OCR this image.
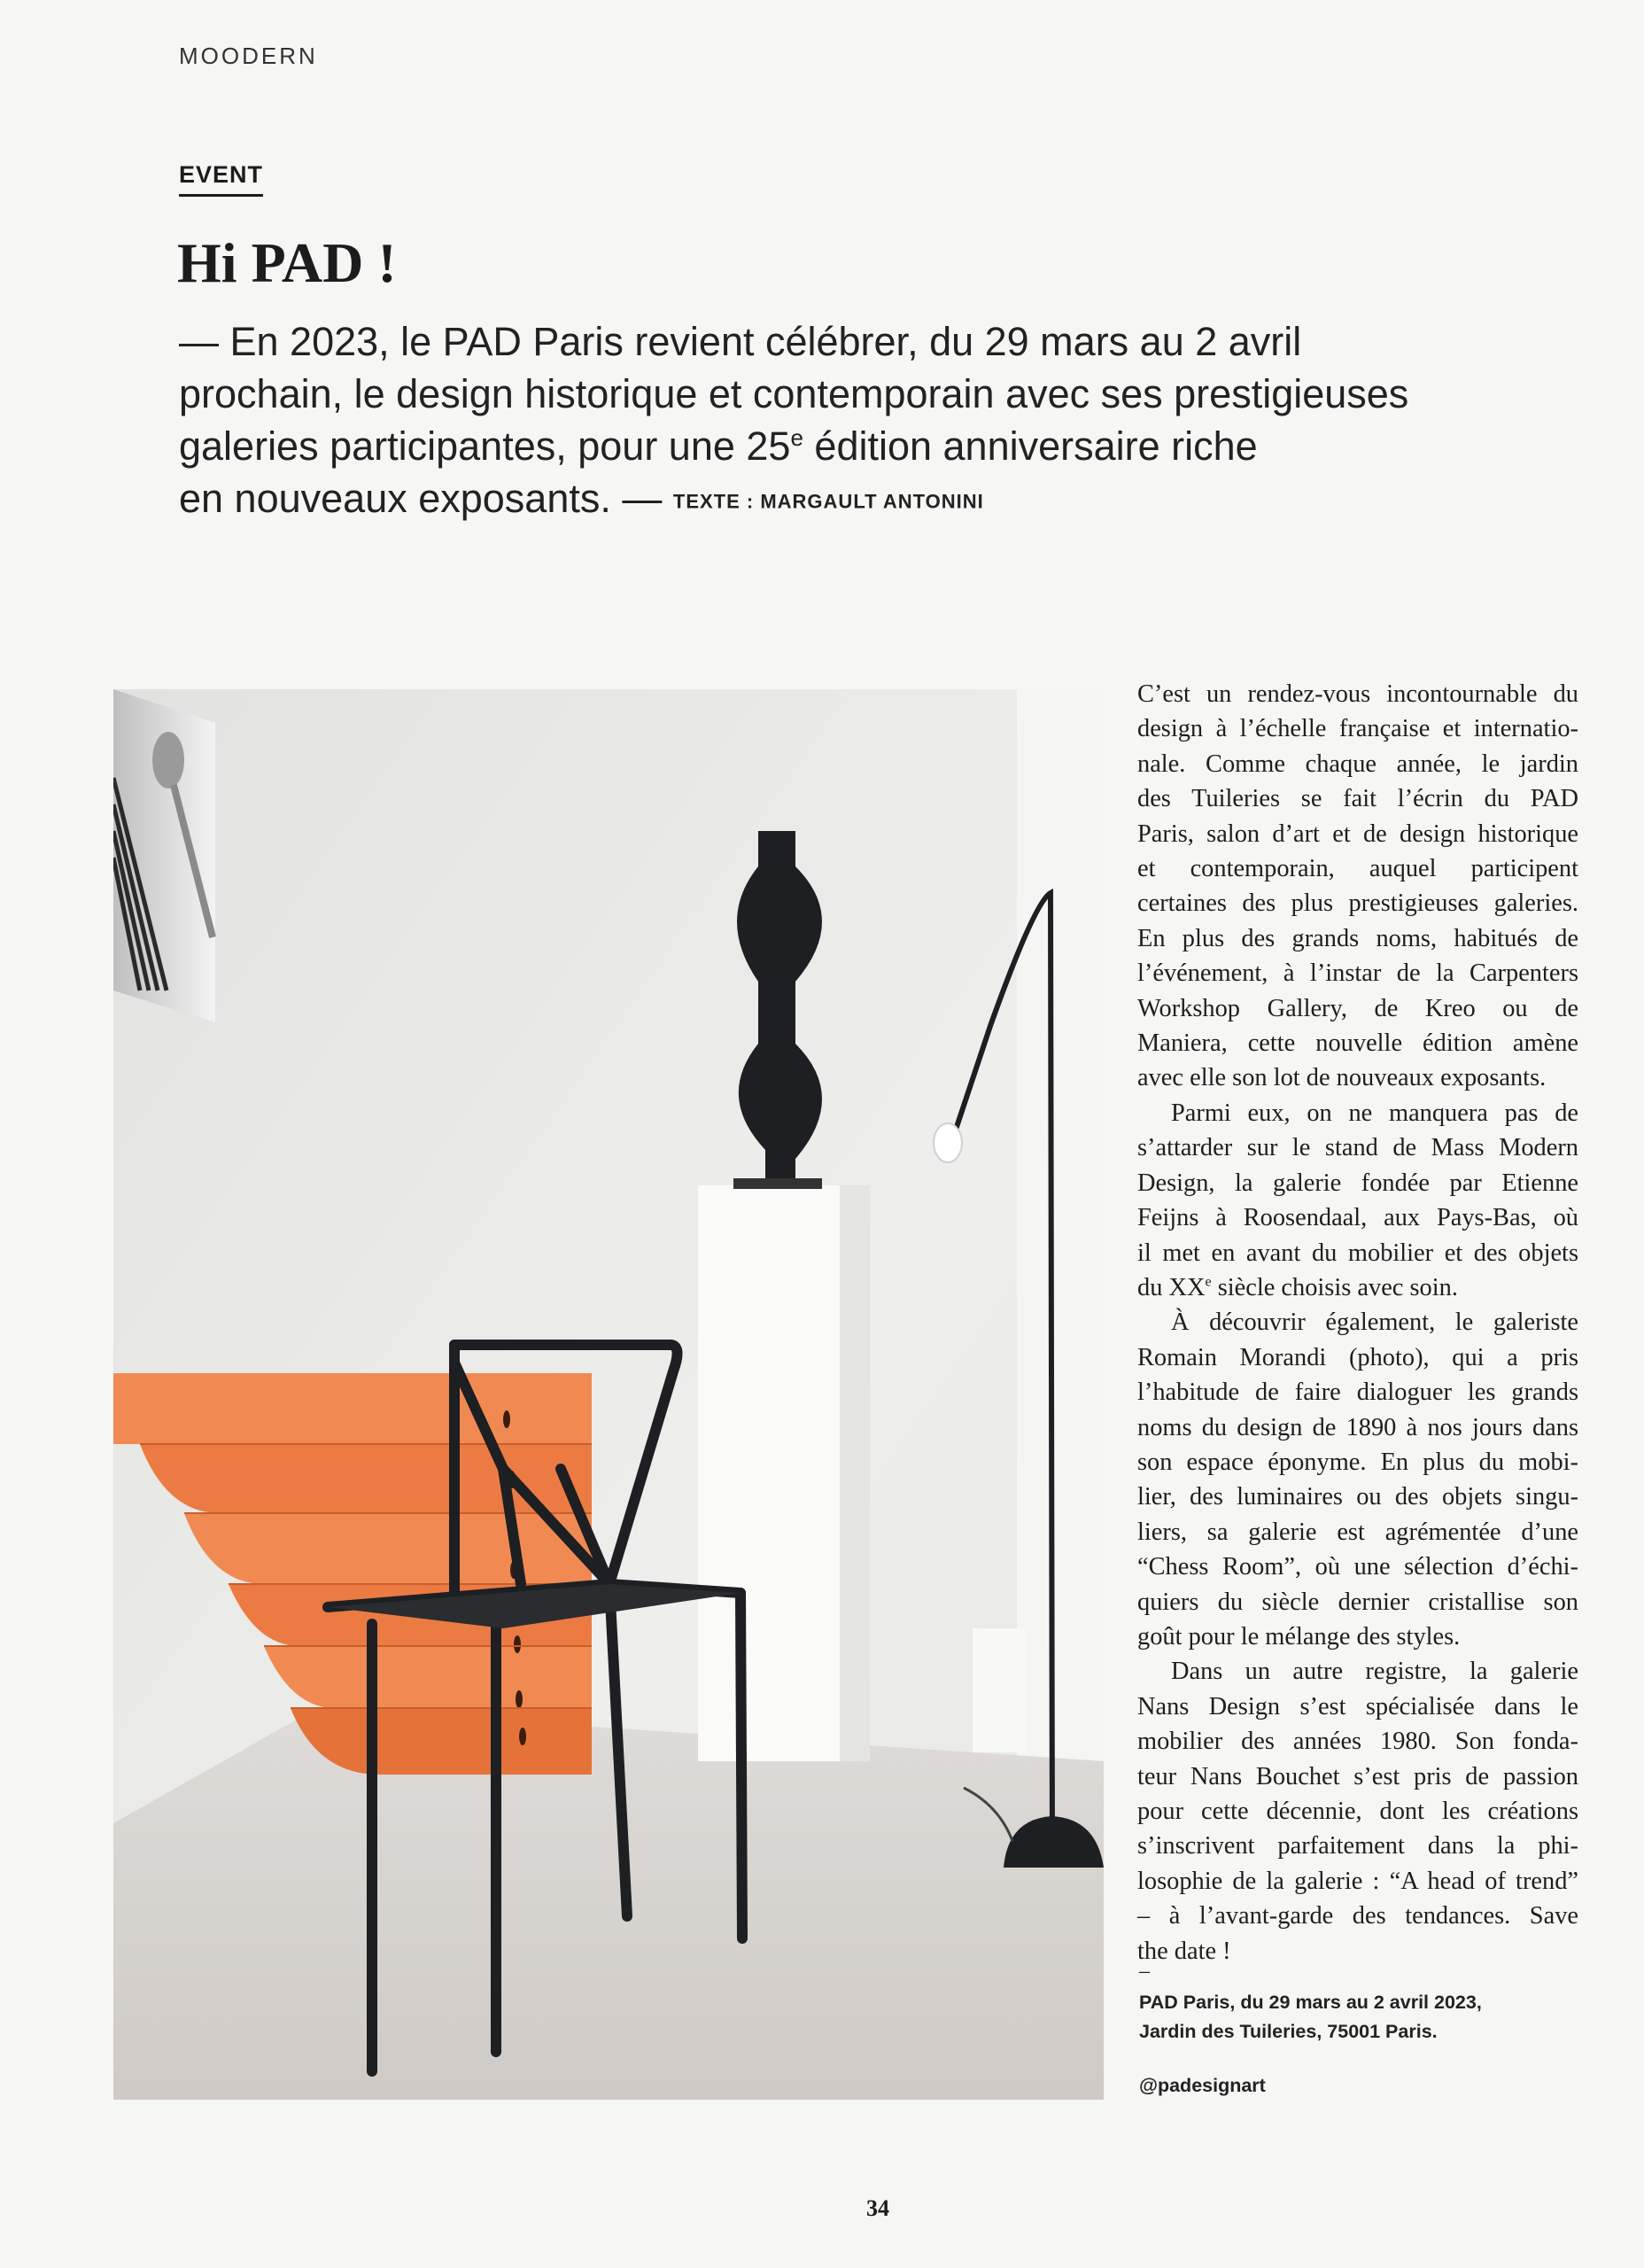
MOODERN
EVENT
Hi PAD !
— En 2023, le PAD Paris revient célébrer, du 29 mars au 2 avril
prochain, le design historique et contemporain avec ses prestigieuses
galeries participantes, pour une 25e édition anniversaire riche
en nouveaux exposants. — TEXTE : MARGAULT ANTONINI
C’est un rendez-vous incontournable du
design à l’échelle française et internatio-
nale. Comme chaque année, le jardin
des Tuileries se fait l’écrin du PAD
Paris, salon d’art et de design historique
et contemporain, auquel participent
certaines des plus prestigieuses galeries.
En plus des grands noms, habitués de
l’événement, à l’instar de la Carpenters
Workshop Gallery, de Kreo ou de
Maniera, cette nouvelle édition amène
avec elle son lot de nouveaux exposants.
Parmi eux, on ne manquera pas de
s’attarder sur le stand de Mass Modern
Design, la galerie fondée par Etienne
Feijns à Roosendaal, aux Pays-Bas, où
il met en avant du mobilier et des objets
du XXe siècle choisis avec soin.
À découvrir également, le galeriste
Romain Morandi (photo), qui a pris
l’habitude de faire dialoguer les grands
noms du design de 1890 à nos jours dans
son espace éponyme. En plus du mobi-
lier, des luminaires ou des objets singu-
liers, sa galerie est agrémentée d’une
“Chess Room”, où une sélection d’échi-
quiers du siècle dernier cristallise son
goût pour le mélange des styles.
Dans un autre registre, la galerie
Nans Design s’est spécialisée dans le
mobilier des années 1980. Son fonda-
teur Nans Bouchet s’est pris de passion
pour cette décennie, dont les créations
s’inscrivent parfaitement dans la phi-
losophie de la galerie : “A head of trend”
– à l’avant-garde des tendances. Save
the date !
–
PAD Paris, du 29 mars au 2 avril 2023,
Jardin des Tuileries, 75001 Paris.
@padesignart
34
